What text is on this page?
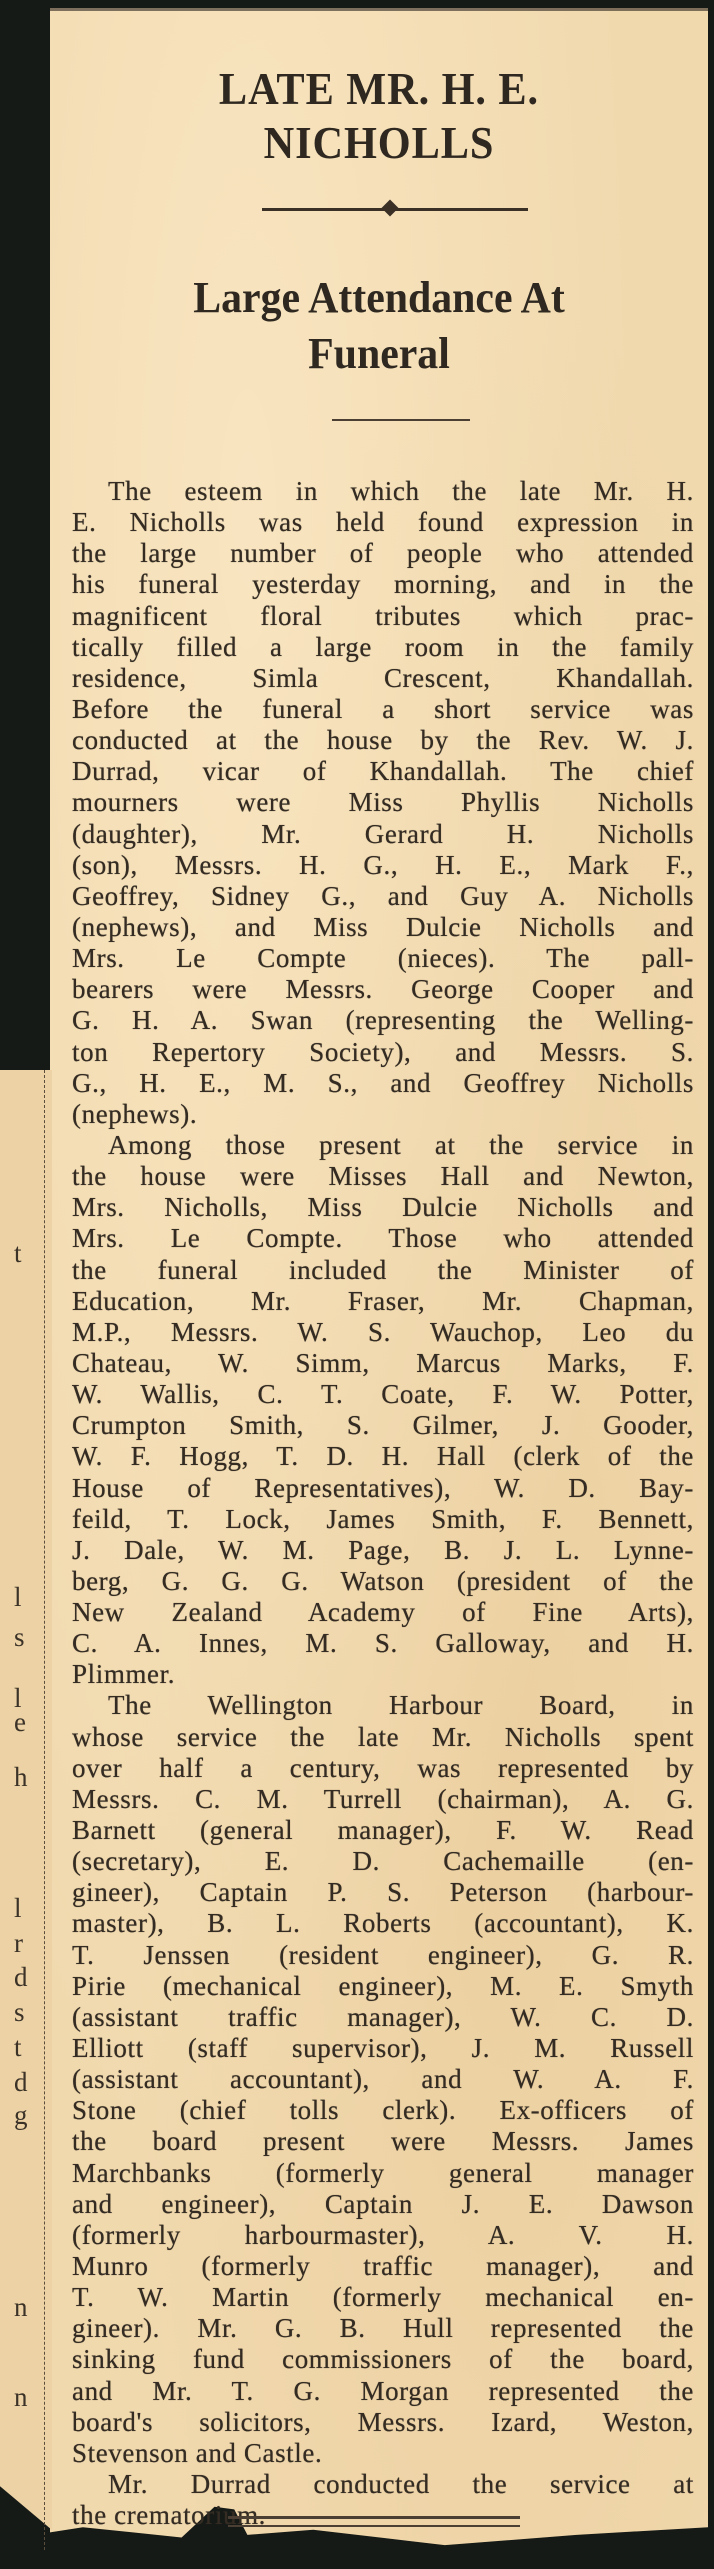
t
l
s
l
e
h
l
r
d
s
t
d
g
n
n
LATE MR. H. E.
NICHOLLS
Large Attendance At
Funeral
The esteem in which the late Mr. H.
E. Nicholls was held found expression in
the large number of people who attended
his funeral yesterday morning, and in the
magnificent floral tributes which prac-
tically filled a large room in the family
residence, Simla Crescent, Khandallah.
Before the funeral a short service was
conducted at the house by the Rev. W. J.
Durrad, vicar of Khandallah. The chief
mourners were Miss Phyllis Nicholls
(daughter), Mr. Gerard H. Nicholls
(son), Messrs. H. G., H. E., Mark F.,
Geoffrey, Sidney G., and Guy A. Nicholls
(nephews), and Miss Dulcie Nicholls and
Mrs. Le Compte (nieces). The pall-
bearers were Messrs. George Cooper and
G. H. A. Swan (representing the Welling-
ton Repertory Society), and Messrs. S.
G., H. E., M. S., and Geoffrey Nicholls
(nephews).
Among those present at the service in
the house were Misses Hall and Newton,
Mrs. Nicholls, Miss Dulcie Nicholls and
Mrs. Le Compte. Those who attended
the funeral included the Minister of
Education, Mr. Fraser, Mr. Chapman,
M.P., Messrs. W. S. Wauchop, Leo du
Chateau, W. Simm, Marcus Marks, F.
W. Wallis, C. T. Coate, F. W. Potter,
Crumpton Smith, S. Gilmer, J. Gooder,
W. F. Hogg, T. D. H. Hall (clerk of the
House of Representatives), W. D. Bay-
feild, T. Lock, James Smith, F. Bennett,
J. Dale, W. M. Page, B. J. L. Lynne-
berg, G. G. G. Watson (president of the
New Zealand Academy of Fine Arts),
C. A. Innes, M. S. Galloway, and H.
Plimmer.
The Wellington Harbour Board, in
whose service the late Mr. Nicholls spent
over half a century, was represented by
Messrs. C. M. Turrell (chairman), A. G.
Barnett (general manager), F. W. Read
(secretary), E. D. Cachemaille (en-
gineer), Captain P. S. Peterson (harbour-
master), B. L. Roberts (accountant), K.
T. Jenssen (resident engineer), G. R.
Pirie (mechanical engineer), M. E. Smyth
(assistant traffic manager), W. C. D.
Elliott (staff supervisor), J. M. Russell
(assistant accountant), and W. A. F.
Stone (chief tolls clerk). Ex-officers of
the board present were Messrs. James
Marchbanks (formerly general manager
and engineer), Captain J. E. Dawson
(formerly harbourmaster), A. V. H.
Munro (formerly traffic manager), and
T. W. Martin (formerly mechanical en-
gineer). Mr. G. B. Hull represented the
sinking fund commissioners of the board,
and Mr. T. G. Morgan represented the
board's solicitors, Messrs. Izard, Weston,
Stevenson and Castle.
Mr. Durrad conducted the service at
the crematorium.
